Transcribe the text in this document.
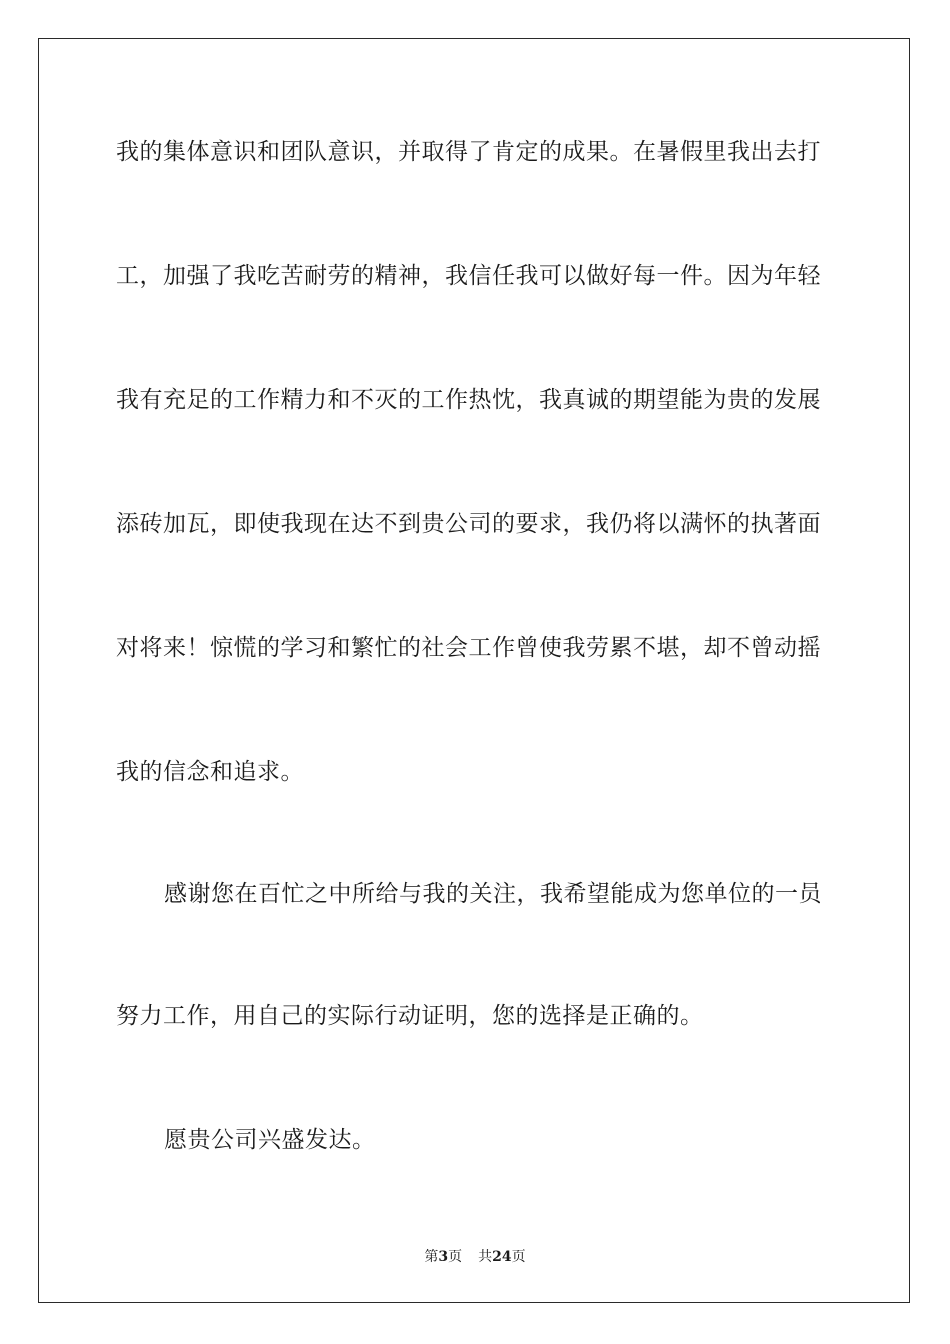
我的集体意识和团队意识，并取得了肯定的成果。在暑假里我出去打

工，加强了我吃苦耐劳的精神，我信任我可以做好每一件。因为年轻

我有充足的工作精力和不灭的工作热忱，我真诚的期望能为贵的发展

添砖加瓦，即使我现在达不到贵公司的要求，我仍将以满怀的执著面

对将来！惊慌的学习和繁忙的社会工作曾使我劳累不堪，却不曾动摇

我的信念和追求。

感谢您在百忙之中所给与我的关注，我希望能成为您单位的一员

努力工作，用自己的实际行动证明，您的选择是正确的。

愿贵公司兴盛发达。

第3页 共24页
